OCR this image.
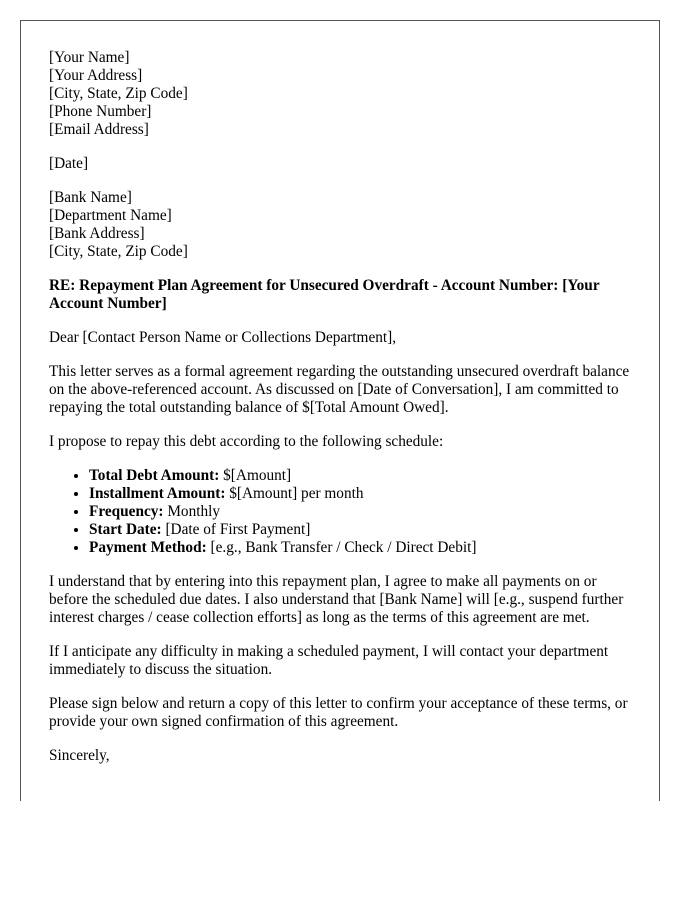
[Your Name]
[Your Address]
[City, State, Zip Code]
[Phone Number]
[Email Address]
[Date]
[Bank Name]
[Department Name]
[Bank Address]
[City, State, Zip Code]
RE: Repayment Plan Agreement for Unsecured Overdraft - Account Number: [Your Account Number]

Dear [Contact Person Name or Collections Department],

This letter serves as a formal agreement regarding the outstanding unsecured overdraft balance on the above-referenced account. As discussed on [Date of Conversation], I am committed to repaying the total outstanding balance of $[Total Amount Owed].

I propose to repay this debt according to the following schedule:

• Total Debt Amount: $[Amount]
• Installment Amount: $[Amount] per month
• Frequency: Monthly
• Start Date: [Date of First Payment]
• Payment Method: [e.g., Bank Transfer / Check / Direct Debit]

I understand that by entering into this repayment plan, I agree to make all payments on or before the scheduled due dates. I also understand that [Bank Name] will [e.g., suspend further interest charges / cease collection efforts] as long as the terms of this agreement are met.

If I anticipate any difficulty in making a scheduled payment, I will contact your department immediately to discuss the situation.

Please sign below and return a copy of this letter to confirm your acceptance of these terms, or provide your own signed confirmation of this agreement.

Sincerely,
